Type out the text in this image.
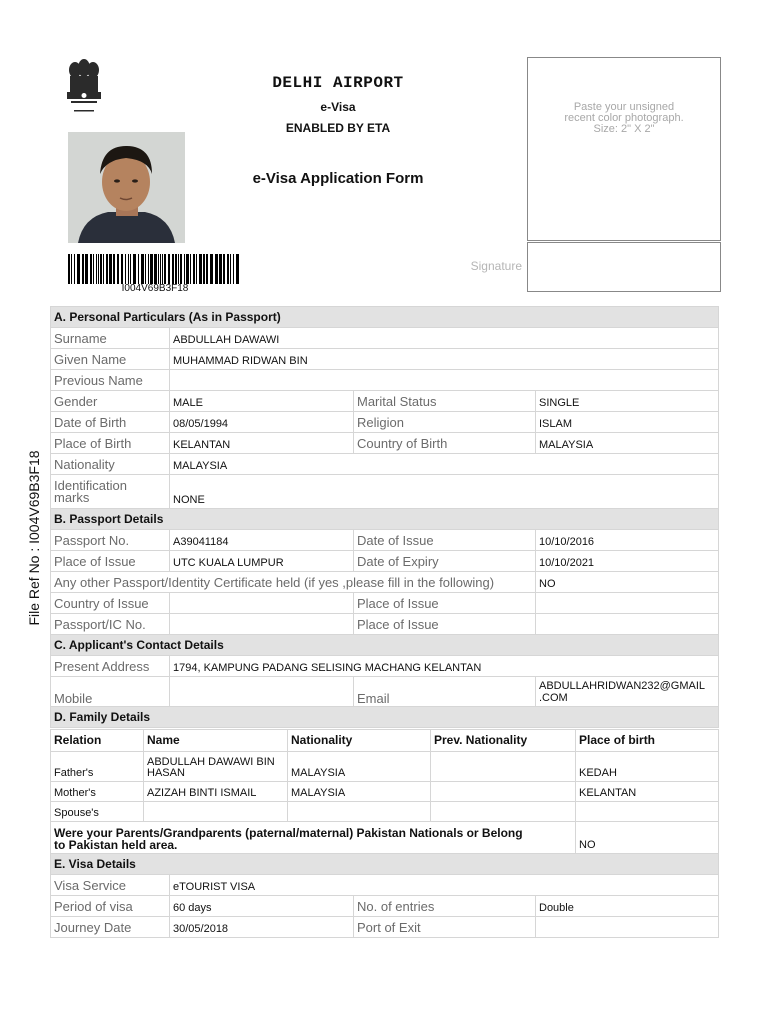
DELHI AIRPORT
e-Visa
ENABLED BY ETA
e-Visa Application Form
I004V69B3F18
Paste your unsigned
recent color photograph.
Size: 2" X 2"
Signature
File Ref No : I004V69B3F18
A. Personal Particulars (As in Passport)			
Surname	ABDULLAH DAWAWI		
Given Name	MUHAMMAD RIDWAN BIN		
Previous Name			
Gender	MALE	Marital Status	SINGLE
Date of Birth	08/05/1994	Religion	ISLAM
Place of Birth	KELANTAN	Country of Birth	MALAYSIA
Nationality	MALAYSIA		

Identification
marks	NONE		
B. Passport Details			
Passport No.	A39041184	Date of Issue	10/10/2016
Place of Issue	UTC KUALA LUMPUR	Date of Expiry	10/10/2021
Any other Passport/Identity Certificate held (if yes ,please fill in the following)			NO
Country of Issue		Place of Issue	
Passport/IC No.		Place of Issue	
C. Applicant's Contact Details			
Present Address	1794, KAMPUNG PADANG SELISING MACHANG KELANTAN		
Mobile		Email	ABDULLAHRIDWAN232@GMAIL
.COM

D. Family Details			
Relation	Name	Nationality	Prev. Nationality	Place of birth
Father's	ABDULLAH DAWAWI BIN
HASAN	MALAYSIA		KEDAH
Mother's	AZIZAH BINTI ISMAIL	MALAYSIA		KELANTAN
Spouse's				

Were your Parents/Grandparents (paternal/maternal) Pakistan Nationals or Belong
to Pakistan held area.				NO
E. Visa Details				
Visa Service	eTOURIST VISA		
Period of visa	60 days	No. of entries	Double
Journey Date	30/05/2018	Port of Exit	
